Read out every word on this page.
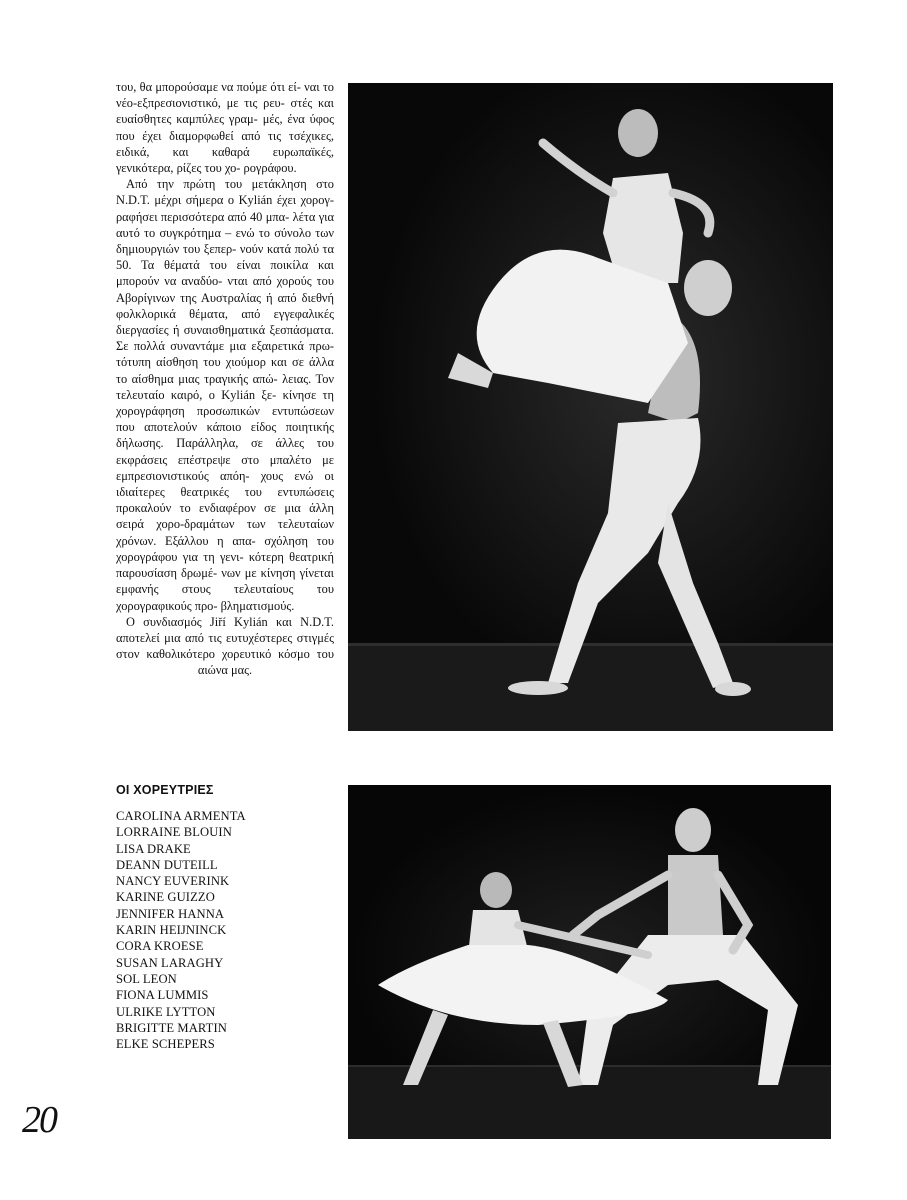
του, θα μπορούσαμε να πούμε ότι εί- ναι το νέο-εξπρεσιονιστικό, με τις ρευ- στές και ευαίσθητες καμπύλες γραμ- μές, ένα ύφος που έχει διαμορφωθεί από τις τσέχικες, ειδικά, και καθαρά ευρωπαϊκές, γενικότερα, ρίζες του χο- ρογράφου.

Από την πρώτη του μετάκληση στο N.D.T. μέχρι σήμερα ο Kylián έχει χορογ- ραφήσει περισσότερα από 40 μπα- λέτα για αυτό το συγκρότημα – ενώ το σύνολο των δημιουργιών του ξεπερ- νούν κατά πολύ τα 50. Τα θέματά του είναι ποικίλα και μπορούν να αναδύο- νται από χορούς του Αβορίγινων της Αυστραλίας ή από διεθνή φολκλορικά θέματα, από εγγεφαλικές διεργασίες ή συναισθηματικά ξεσπάσματα. Σε πολλά συναντάμε μια εξαιρετικά πρω- τότυπη αίσθηση του χιούμορ και σε άλλα το αίσθημα μιας τραγικής απώ- λειας. Τον τελευταίο καιρό, ο Kylián ξε- κίνησε τη χορογράφηση προσωπικών εντυπώσεων που αποτελούν κάποιο είδος ποιητικής δήλωσης. Παράλληλα, σε άλλες του εκφράσεις επέστρεψε στο μπαλέτο με εμπρεσιονιστικούς απόη- χους ενώ οι ιδιαίτερες θεατρικές του εντυπώσεις προκαλούν το ενδιαφέρον σε μια άλλη σειρά χορο-δραμάτων των τελευταίων χρόνων. Εξάλλου η απα- σχόληση του χορογράφου για τη γενι- κότερη θεατρική παρουσίαση δρωμέ- νων με κίνηση γίνεται εμφανής στους τελευταίους του χορογραφικούς προ- βληματισμούς.

Ο συνδιασμός Jiří Kylián και N.D.T. αποτελεί μια από τις ευτυχέστερες στιγμές στον καθολικότερο χορευτικό κόσμο του αιώνα μας.

ΟΙ ΧΟΡΕΥΤΡΙΕΣ
CAROLINA ARMENTA
LORRAINE BLOUIN
LISA DRAKE
DEANN DUTEILL
NANCY EUVERINK
KARINE GUIZZO
JENNIFER HANNA
KARIN HEIJNINCK
CORA KROESE
SUSAN LARAGHY
SOL LEON
FIONA LUMMIS
ULRIKE LYTTON
BRIGITTE MARTIN
ELKE SCHEPERS
20
